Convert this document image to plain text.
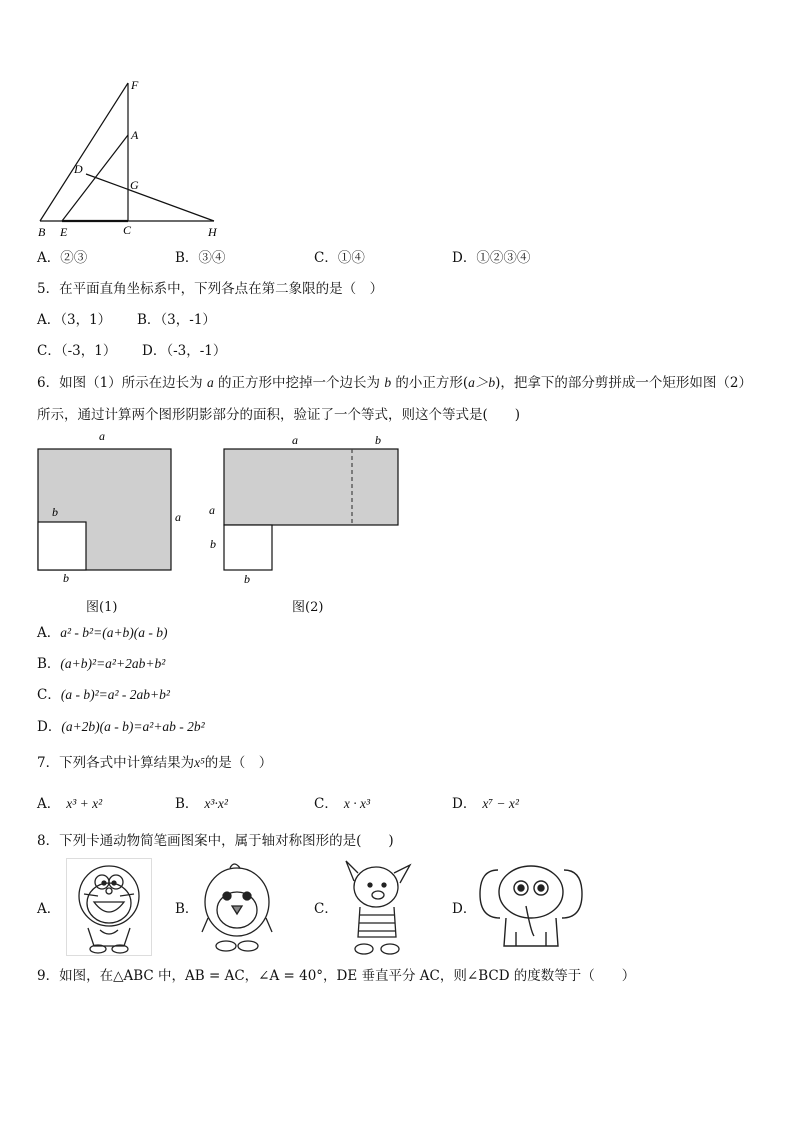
F
A
D
G
B E	C	H
A．②③	B．③④	C．①④	D．①②③④
5．在平面直角坐标系中，下列各点在第二象限的是（　）
A．（3，1） B．（3，-1）
C．（-3，1） D．（-3，-1）
6．如图（1）所示在边长为 a 的正方形中挖掉一个边长为 b 的小正方形(a＞b)，把拿下的部分剪拼成一个矩形如图（2）
所示，通过计算两个图形阴影部分的面积，验证了一个等式，则这个等式是(　　)
a
a
b
b
图(1)
a	b
a
b
b
图(2)
A．a² - b²=(a+b)(a - b)
B．(a+b)²=a²+2ab+b²
C．(a - b)²=a² - 2ab+b²
D．(a+2b)(a - b)=a²+ab - 2b²
7．下列各式中计算结果为x⁵的是（　）
A． x³ + x²	B． x³·x²	C． x · x³	D． x⁷ − x²
8．下列卡通动物简笔画图案中，属于轴对称图形的是(　　)
A．	B．	C．	D．
9．如图，在△ABC 中，AB = AC，∠A = 40°，DE 垂直平分 AC，则∠BCD 的度数等于（　　）
